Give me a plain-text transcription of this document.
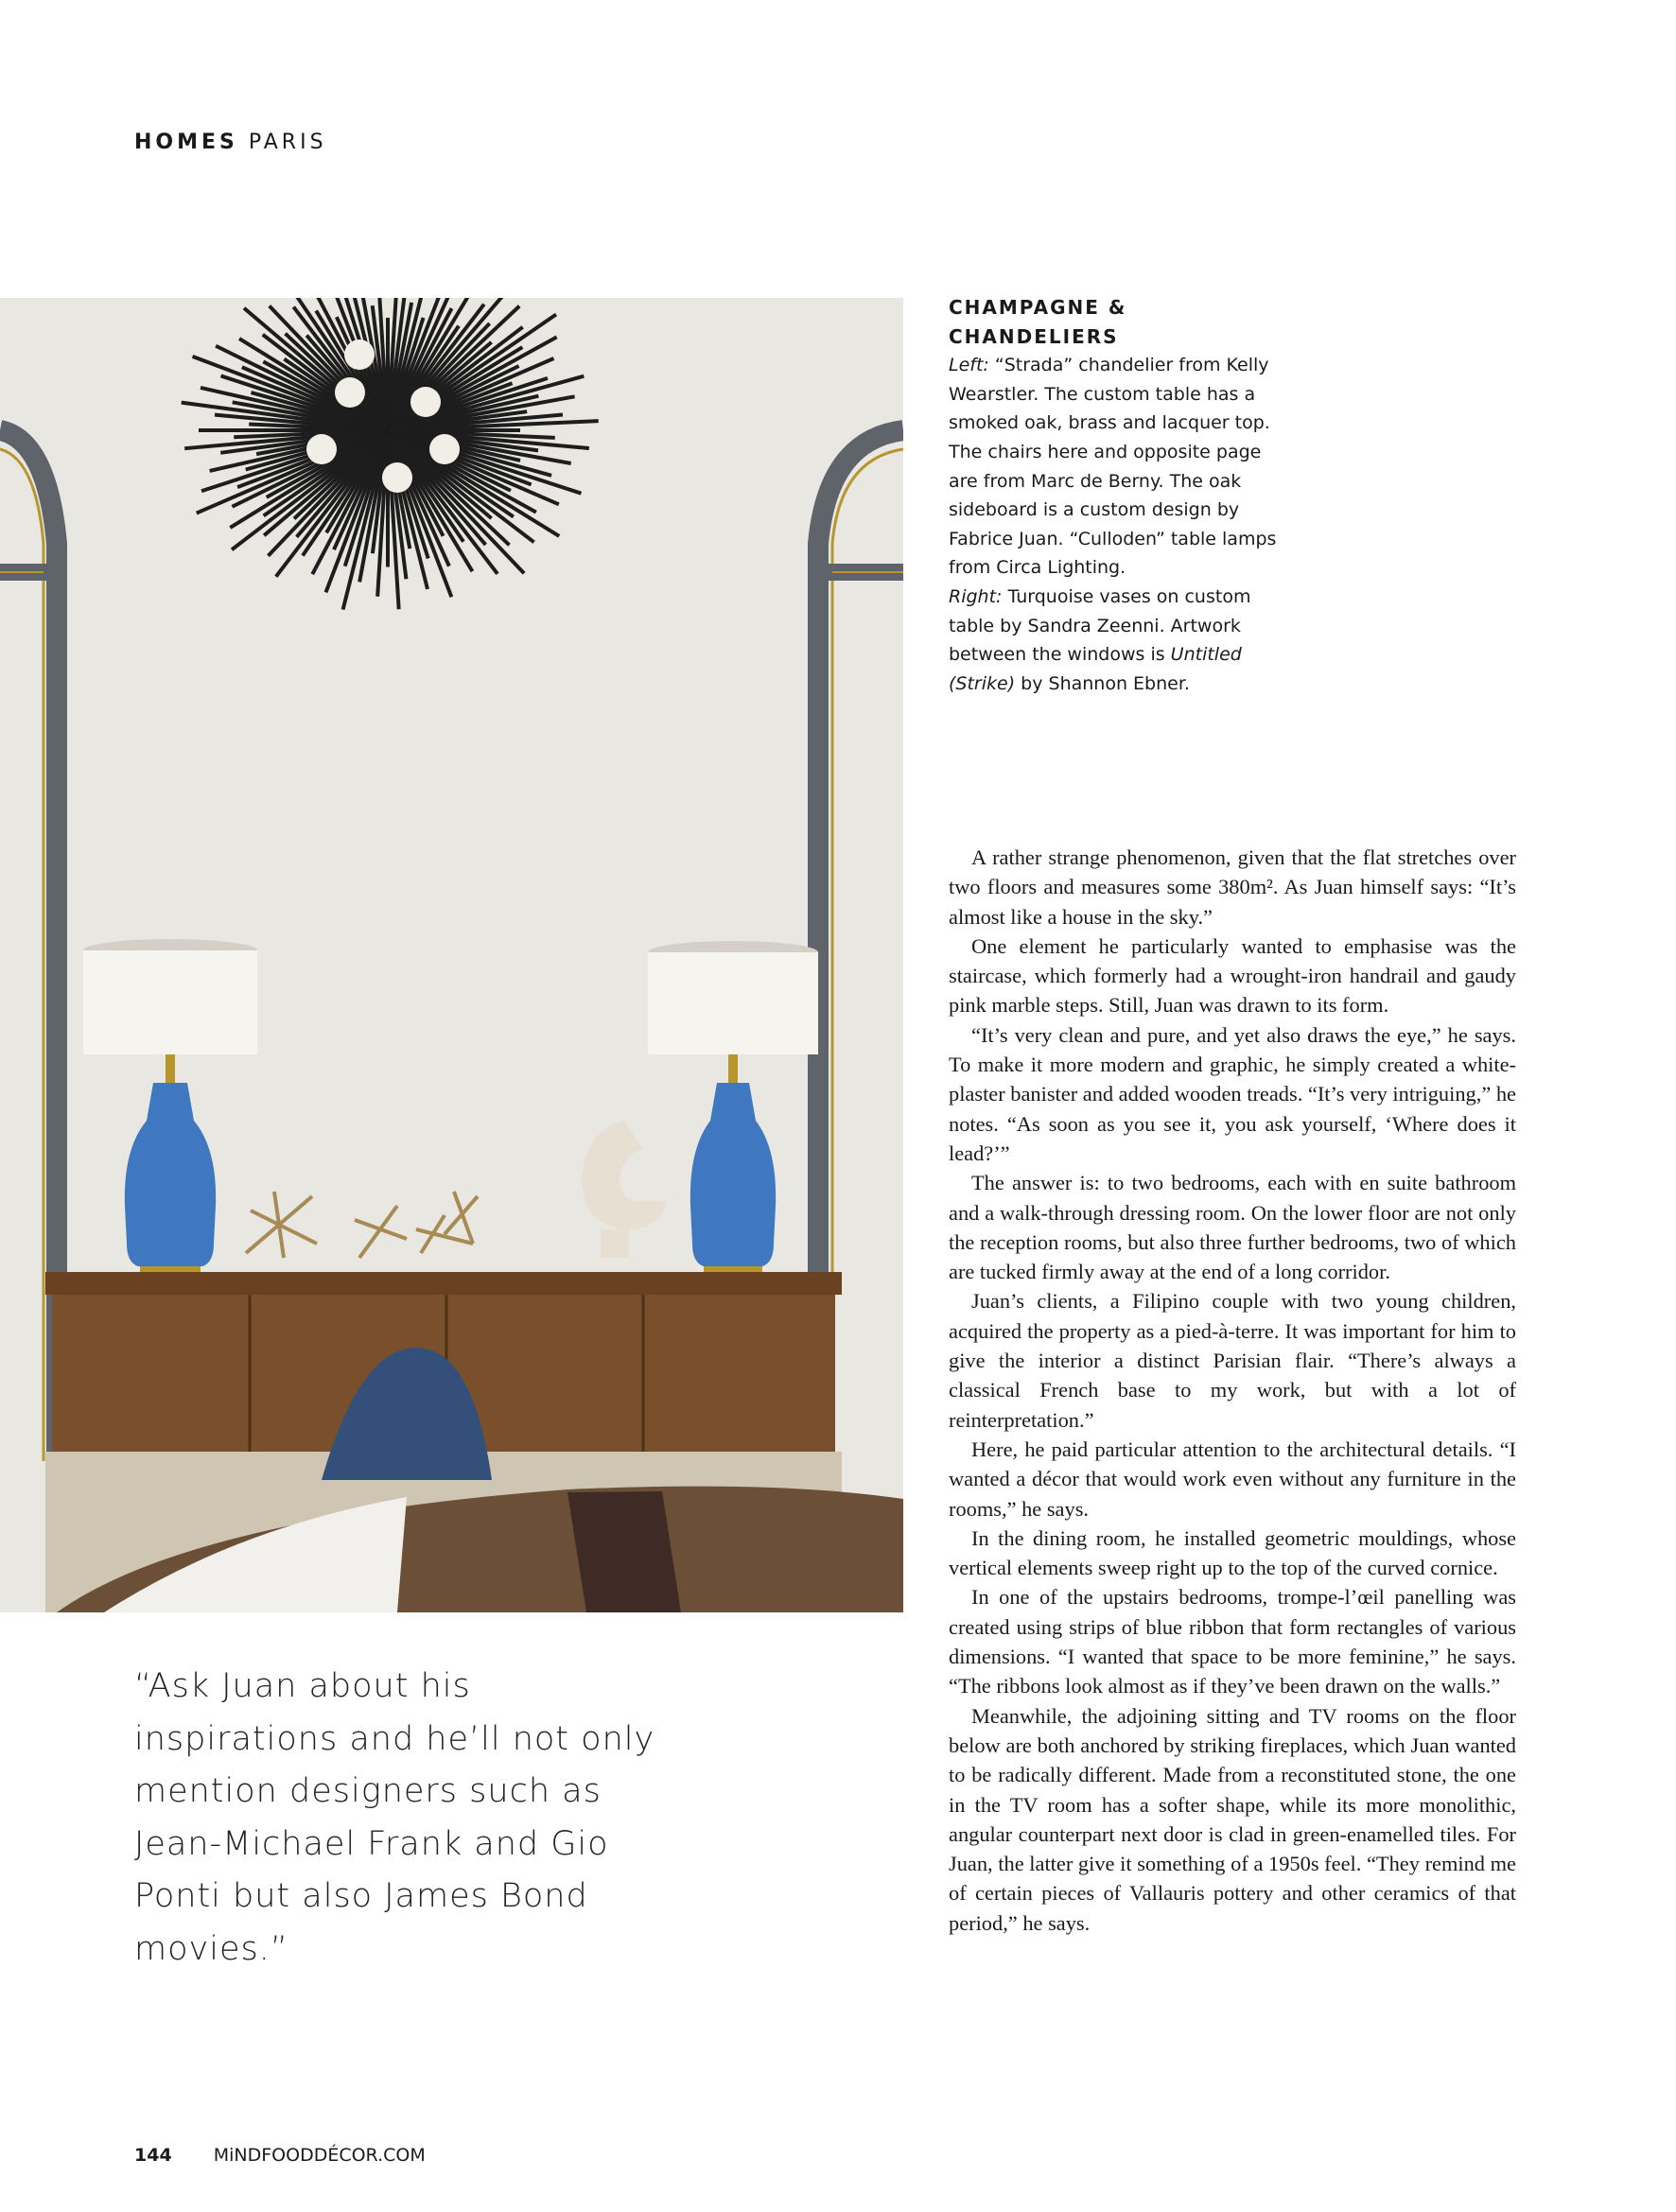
HOMES PARIS

CHAMPAGNE & CHANDELIERS

Left: “Strada” chandelier from Kelly Wearstler. The custom table has a smoked oak, brass and lacquer top. The chairs here and opposite page are from Marc de Berny. The oak sideboard is a custom design by Fabrice Juan. “Culloden” table lamps from Circa Lighting.

Right: Turquoise vases on custom table by Sandra Zeenni. Artwork between the windows is Untitled (Strike) by Shannon Ebner.

A rather strange phenomenon, given that the flat stretches over two floors and measures some 380m². As Juan himself says: “It’s almost like a house in the sky.”

One element he particularly wanted to emphasise was the staircase, which formerly had a wrought-iron handrail and gaudy pink marble steps. Still, Juan was drawn to its form.

“It’s very clean and pure, and yet also draws the eye,” he says. To make it more modern and graphic, he simply created a white-plaster banister and added wooden treads. “It’s very intriguing,” he notes. “As soon as you see it, you ask yourself, ‘Where does it lead?’”

The answer is: to two bedrooms, each with en suite bathroom and a walk-through dressing room. On the lower floor are not only the reception rooms, but also three further bedrooms, two of which are tucked firmly away at the end of a long corridor.

Juan’s clients, a Filipino couple with two young children, acquired the property as a pied-à-terre. It was important for him to give the interior a distinct Parisian flair. “There’s always a classical French base to my work, but with a lot of reinterpretation.”

Here, he paid particular attention to the architectural details. “I wanted a décor that would work even without any furniture in the rooms,” he says.

In the dining room, he installed geometric mouldings, whose vertical elements sweep right up to the top of the curved cornice.

In one of the upstairs bedrooms, trompe-l’œil panelling was created using strips of blue ribbon that form rectangles of various dimensions. “I wanted that space to be more feminine,” he says. “The ribbons look almost as if they’ve been drawn on the walls.”

Meanwhile, the adjoining sitting and TV rooms on the floor below are both anchored by striking fireplaces, which Juan wanted to be radically different. Made from a reconstituted stone, the one in the TV room has a softer shape, while its more monolithic, angular counterpart next door is clad in green-enamelled tiles. For Juan, the latter give it something of a 1950s feel. “They remind me of certain pieces of Vallauris pottery and other ceramics of that period,” he says.

“Ask Juan about his inspirations and he’ll not only mention designers such as Jean-Michael Frank and Gio Ponti but also James Bond movies.”
144 MiNDFOODDÉCOR.COM
